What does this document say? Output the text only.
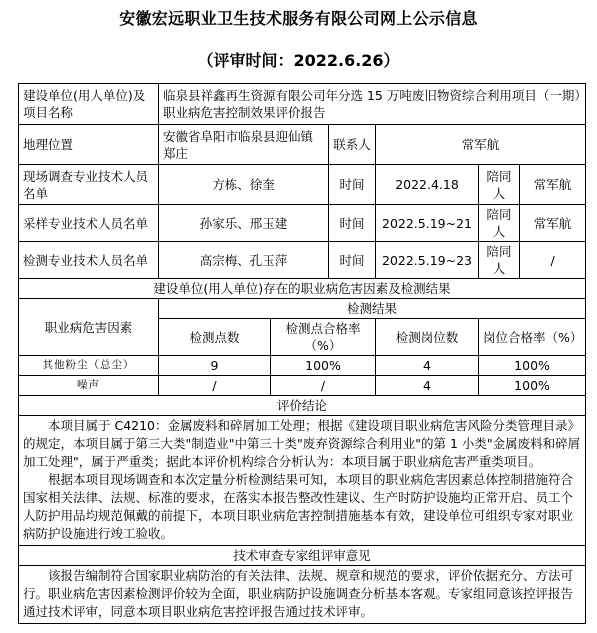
安徽宏远职业卫生技术服务有限公司网上公示信息
（评审时间：2022.6.26）
建设单位(用人单位)及项目名称	临泉县祥鑫再生资源有限公司年分选 15 万吨废旧物资综合利用项目（一期）职业病危害控制效果评价报告					
地理位置	安徽省阜阳市临泉县迎仙镇郑庄		联系人	常军航		
现场调查专业技术人员名单	方栋、徐奎		时间	2022.4.18	陪同人	常军航
采样专业技术人员名单	孙家乐、邢玉建		时间	2022.5.19~21	陪同人	常军航
检测专业技术人员名单	高宗梅、孔玉萍		时间	2022.5.19~23	陪同人	/
建设单位(用人单位)存在的职业病危害因素及检测结果						
职业病危害因素	检测结果					
	检测点数	检测点合格率（%）		检测岗位数	岗位合格率（%）	
其他粉尘（总尘）	9	100%		4	100%	
噪声	/	/		4	100%	
评价结论						

本项目属于 C4210：金属废料和碎屑加工处理；根据《建设项目职业病危害风险分类管理目录》的规定，本项目属于第三大类"制造业"中第三十类"废弃资源综合利用业"的第 1 小类"金属废料和碎屑加工处理"，属于严重类；据此本评价机构综合分析认为：本项目属于职业病危害严重类项目。
根据本项目现场调查和本次定量分析检测结果可知，本项目的职业病危害因素总体控制措施符合国家相关法律、法规、标准的要求，在落实本报告整改性建议、生产时防护设施均正常开启、员工个人防护用品均规范佩戴的前提下，本项目职业病危害控制措施基本有效，建设单位可组织专家对职业病防护设施进行竣工验收。						

技术审查专家组评审意见						

该报告编制符合国家职业病防治的有关法律、法规、规章和规范的要求，评价依据充分、方法可行。职业病危害因素检测评价较为全面，职业病防护设施调查分析基本客观。专家组同意该控评报告通过技术评审，同意本项目职业病危害控评报告通过技术评审。						
